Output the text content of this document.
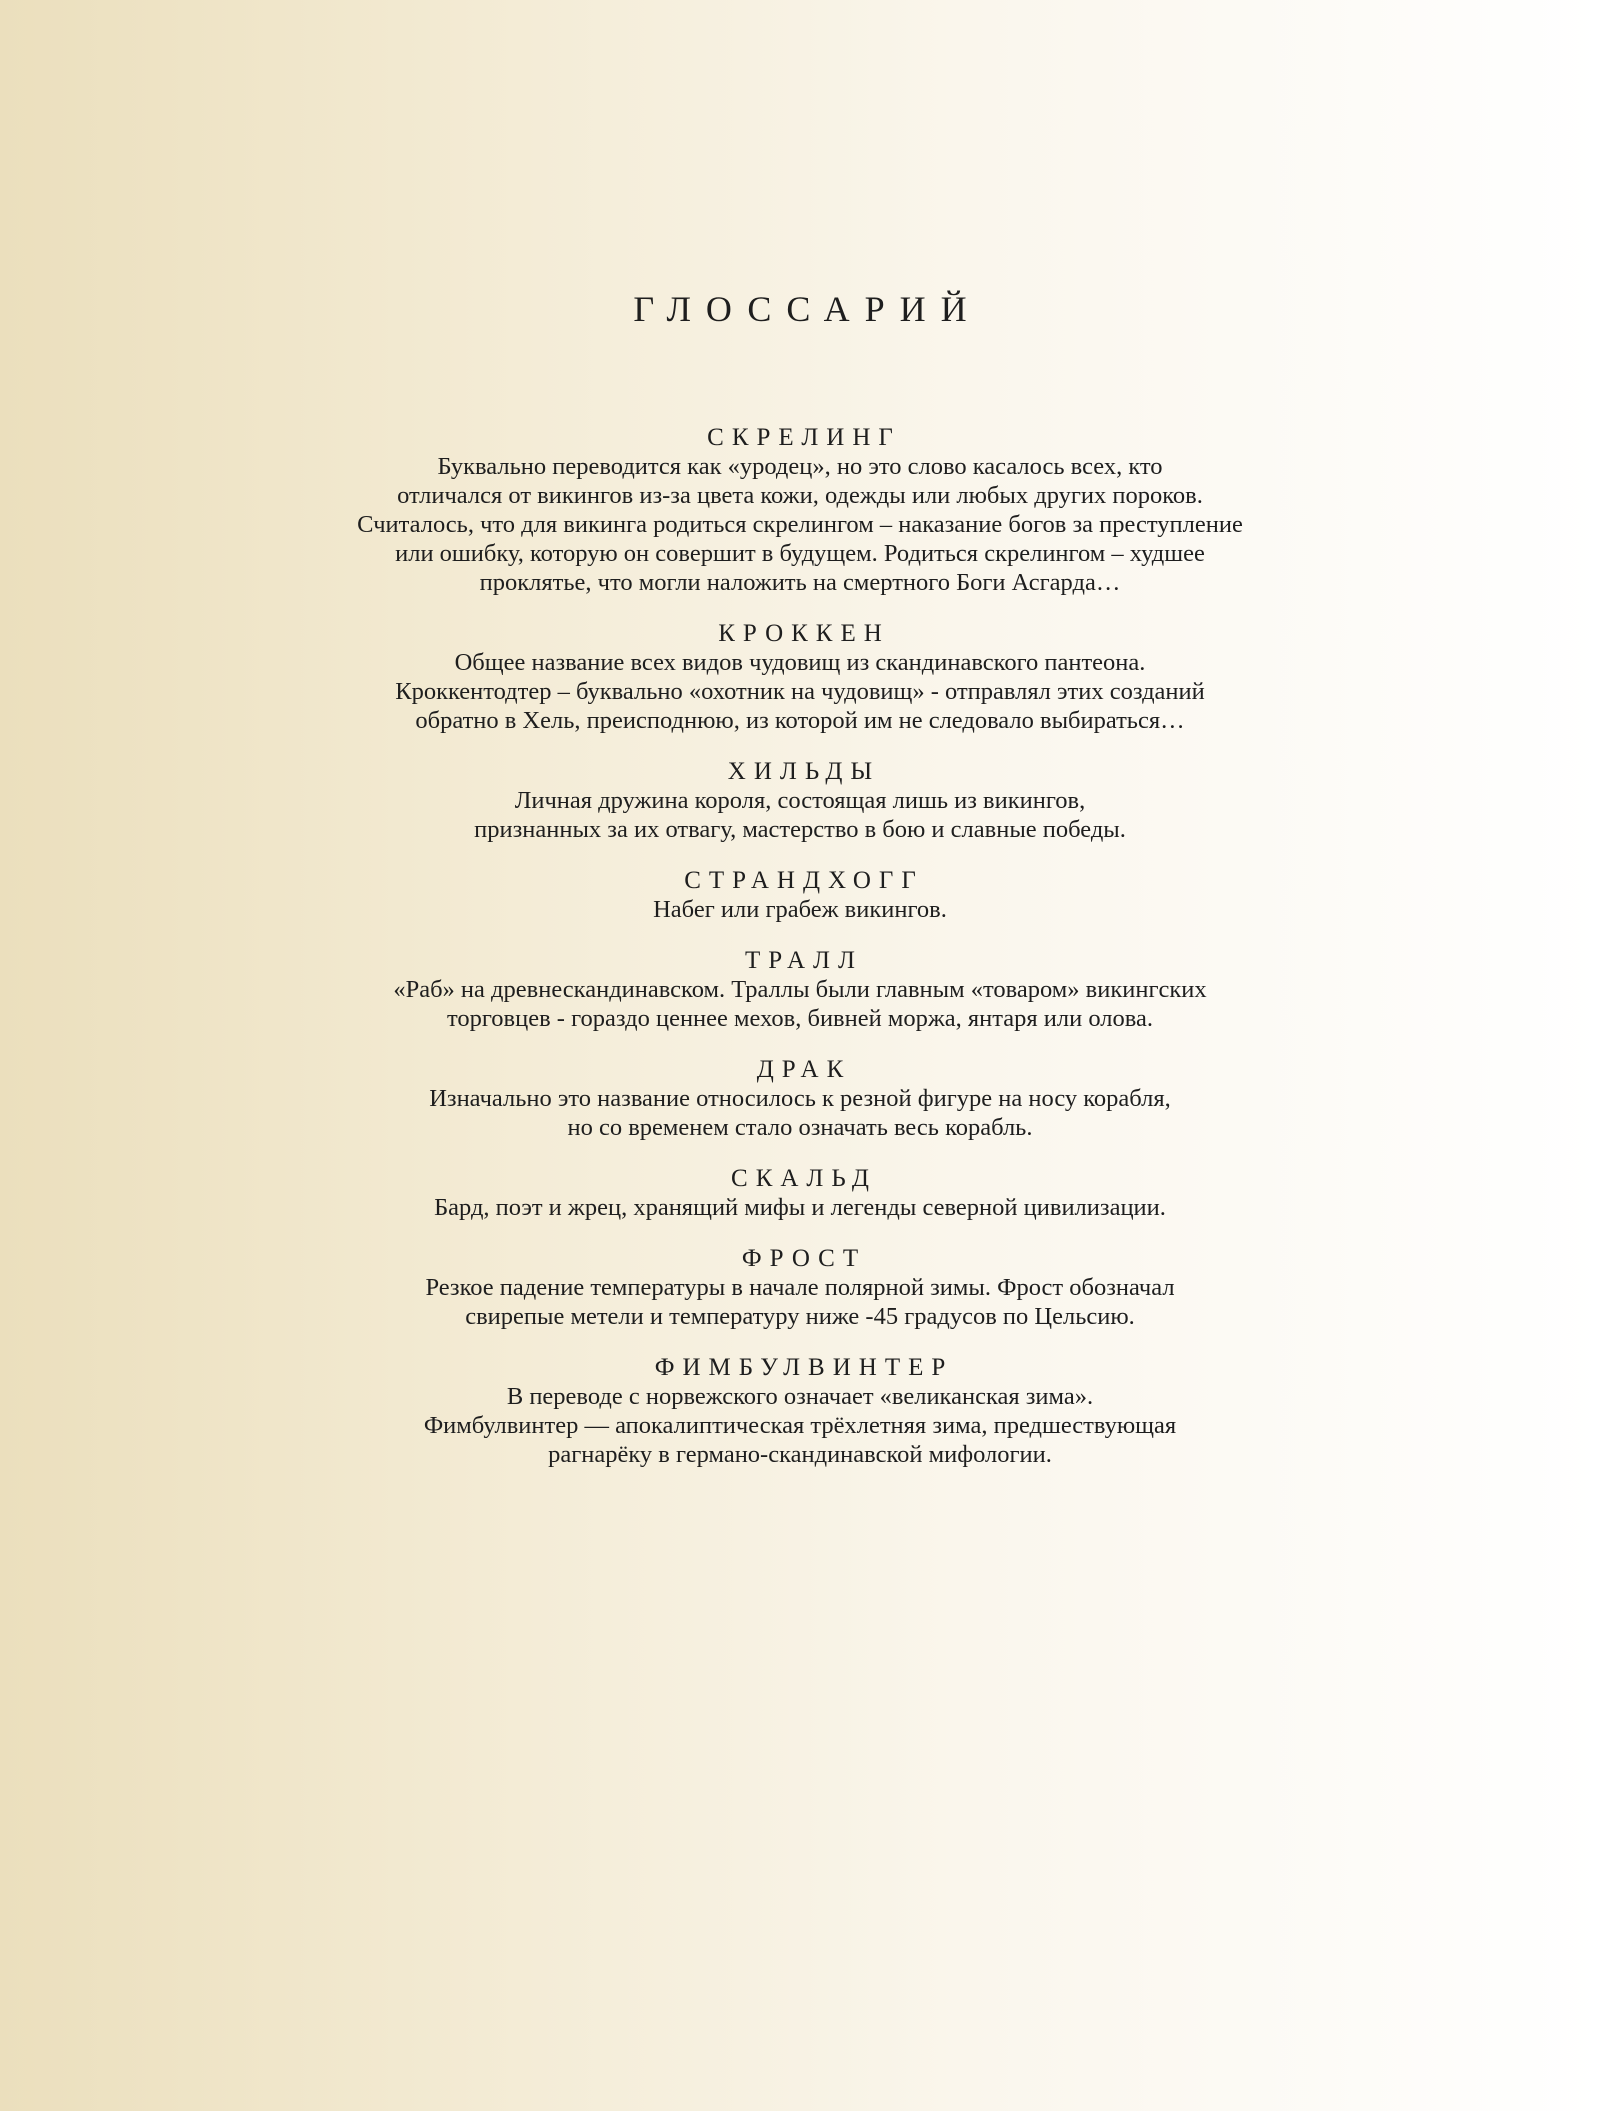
ГЛОССАРИЙ
СКРЕЛИНГ

Буквально переводится как «уродец», но это слово касалось всех, кто
отличался от викингов из-за цвета кожи, одежды или любых других пороков.
Считалось, что для викинга родиться скрелингом – наказание богов за преступление
или ошибку, которую он совершит в будущем. Родиться скрелингом – худшее
проклятье, что могли наложить на смертного Боги Асгарда…

КРОККЕН

Общее название всех видов чудовищ из скандинавского пантеона.
Кроккентодтер – буквально «охотник на чудовищ» - отправлял этих созданий
обратно в Хель, преисподнюю, из которой им не следовало выбираться…

ХИЛЬДЫ

Личная дружина короля, состоящая лишь из викингов,
признанных за их отвагу, мастерство в бою и славные победы.

СТРАНДХОГГ

Набег или грабеж викингов.

ТРАЛЛ

«Раб» на древнескандинавском. Траллы были главным «товаром» викингских
торговцев - гораздо ценнее мехов, бивней моржа, янтаря или олова.

ДРАК

Изначально это название относилось к резной фигуре на носу корабля,
но со временем стало означать весь корабль.

СКАЛЬД

Бард, поэт и жрец, хранящий мифы и легенды северной цивилизации.

ФРОСТ

Резкое падение температуры в начале полярной зимы. Фрост обозначал
свирепые метели и температуру ниже -45 градусов по Цельсию.

ФИМБУЛВИНТЕР

В переводе с норвежского означает «великанская зима».
Фимбулвинтер — апокалиптическая трёхлетняя зима, предшествующая
рагнарёку в германо-скандинавской мифологии.
